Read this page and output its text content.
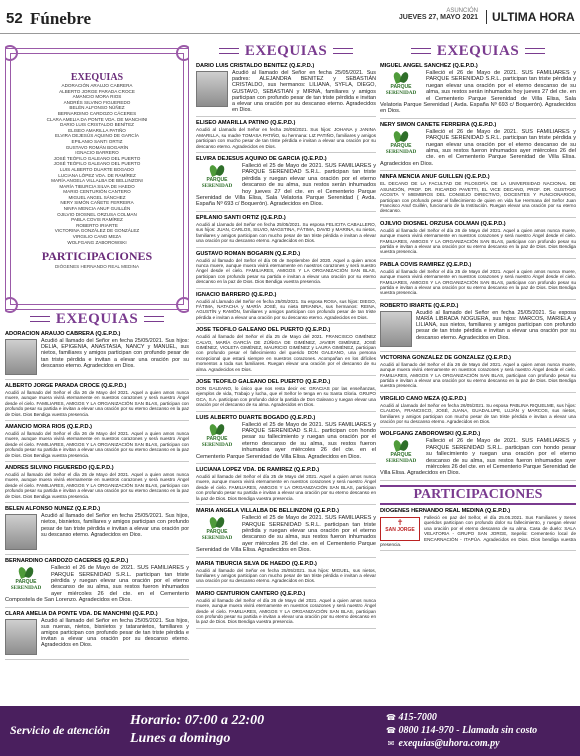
52 Fúnebre	ASUNCIÓN
JUEVES 27, MAYO 2021	ULTIMA HORA
EXEQUIAS
ADORACIÓN ARAUJO CABRERA
ALBERTO JORGE PARADA CROCE
AMANCIO MORA RIOS
ANDRÉS SILVINO FIGUEREDO
BELÉN ALFONSO NÚÑEZ
BERNARDINO CARDOZO CÁCERES
CLARA AMELIA DA PONTE VDA. DE MANCHINI
DARIO LUIS CRISTALDO BENÍTEZ
ELISEO AMARILLA PATIÑO
ELVIRA DEJESÚS AQUINO DE GARCÍA
EPILANIO SANTI ORTIZ
GUSTAVO ROMÁN BOGARÍN
IGNACIO BARRERO
JOSÉ TEÓFILO GALEANO DEL PUERTO
JOSÉ TEÓFILO GALEANO DEL PUERTO
LUIS ALBERTO DUARTE BOGADO
LUCIANA LÓPEZ VDA. DE RAMÍREZ
MARÍA ANGELA VILLALBA DE BELLINZONI
MARÍA TIBURCIA SILVA DE HAEDO
MARIO CENTURIÓN CANTERO
MIGUEL ANGEL SÁNCHEZ
NERY SIMÓN CAÑETE FERREIRA
NINFA MENCIA ANUF GUILLÉN
OJILVIO DIOSNEL ORZUSA COLMAN
PABLA COVIS RAMÍREZ
ROBERTO IRIARTE
VICTORINA GONZÁLEZ DE GONZÁLEZ
VIRGILIO CANO MEZA
WOLFGANG ZABOROWSKI
PARTICIPACIONES
DIÓGENES HERNANDO REAL MEDINA
EXEQUIAS
ADORACIÓN ARAUJO CABRERA (Q.E.P.D.)
Acudió al llamado del Señor en fecha 25/05/2021. Sus hijos: DELIA, EPIGENIA, ANASTASIA, NANCY y MANUEL, sus nietos, familiares y amigos participan con profundo pesar de tan triste pérdida e invitan a elevar una oración por su descanso eterno. Agradecidos en Dios.
ALBERTO JORGE PARADA CROCE (Q.E.P.D.)
Acudió al llamado del Señor el día 26 de Mayo del 2021. Aquel a quien amos nunca muere, aunque muera vivirá eternamente en nuestros corazones y será nuestro Ángel desde el cielo. FAMILIARES, AMIGOS Y LA ORGANIZACIÓN SAN BLAS, participan con profundo pesar su partida e invitan a elevar una oración por su eterno descanso en la paz de Dios. Dios Bendiga vuestra presencia.
AMANCIO MORA RIOS (Q.E.P.D.)
Acudió al llamado del Señor el día 26 de Mayo del 2021. Aquel a quien amos nunca muere, aunque muera vivirá eternamente en nuestros corazones y será nuestro Ángel desde el cielo. FAMILIARES, AMIGOS Y LA ORGANIZACIÓN SAN BLAS, participan con profundo pesar su partida e invitan a elevar una oración por su eterno descanso en la paz de Dios. Dios Bendiga vuestra presencia.
ANDRÉS SILVINO FIGUEREDO (Q.E.P.D.)
Acudió al llamado del Señor el día 25 de Mayo del 2021. Aquel a quien amos nunca muere, aunque muera vivirá eternamente en nuestros corazones y será nuestro Ángel desde el cielo. FAMILIARES, AMIGOS Y LA ORGANIZACIÓN SAN BLAS, participan con profundo pesar su partida e invitan a elevar una oración por su eterno descanso en la paz de Dios. Dios Bendiga vuestra presencia.
BELÉN ALFONSO NÚÑEZ (Q.E.P.D.)
Acudió al llamado del Señor en fecha 25/05/2021. Sus hijos, nietos, bisnietos, familiares y amigos participan con profundo pesar de tan triste pérdida e invitan a elevar una oración por su descanso eterno. Agradecidos en Dios.
BERNARDINO CARDOZO CÁCERES (Q.E.P.D.)
PARQUE
SERENIDAD
Falleció el 26 de Mayo de 2021. SUS FAMILIARES y PARQUE SERENIDAD S.R.L. participan tan triste pérdida y ruegan elevar una oración por el eterno descanso de su alma, sus restos fueron inhumados ayer miércoles 26 del cte. en el Cementerio Compostela de San Lorenzo. Agradecidos en Dios.
CLARA AMELIA DA PONTE VDA. DE MANCHINI (Q.E.P.D.)
Acudió al llamado del Señor en fecha 25/05/2021. Sus hijos, sus nueras, nietos, bisnietos y tataranietos, familiares y amigos participan con profundo pesar de tan triste pérdida e invitan a elevar una oración por su descanso eterno. Agradecidos en Dios.
EXEQUIAS
DARIO LUIS CRISTALDO BENITEZ (Q.E.P.D.)
Acudió al llamado del Señor en fecha 25/05/2021. Sus padres: ALEJANDRA BENITEZ y SEBASTIÁN CRISTALDO, sus hermanos: LILIANA, SYFLA, DIEGO, GUSTAVO, SEBASTIAN y MIRNA, familiares y amigos participan con profundo pesar de tan triste pérdida e invitan a elevar una oración por su descanso eterno. Agradecidos en Dios.
ELISEO AMARILLA PATIÑO (Q.E.P.D.)
Acudió al Llamado del Señor en fecha 26/05/2021. Sus hijos: JOHANA y JANINA AMARILLA, su madre TOMASA PATIÑO, su hermana: LIZ PATIÑO, familiares y amigos participan con mucho pesar de tan triste pérdida e invitan a elevar una oración por su descanso eterno. Agradecidos en Dios.
ELVIRA DEJESÚS AQUINO DE GARCÍA (Q.E.P.D.)
PARQUE
SERENIDAD
Falleció el 25 de Mayo de 2021. SUS FAMILIARES y PARQUE SERENIDAD S.R.L. participan tan triste pérdida y ruegan elevar una oración por el eterno descanso de su alma, sus restos serán inhumados hoy jueves 27 del cte. en el Cementerio Parque Serenidad de Villa Elisa, Sala Velatoria Parque Serenidad ( Avda. España Nº 693 c/ Boquerón). Agradecidos en Dios.
EPILANIO SANTI ORTIZ (Q.E.P.D.)
Acudió al Llamado del Señor en fecha 25/05/2021. Su esposa FELICITA CABALLERO, sus hijos: JUAN, CARLOS, SILVIO, MAGSTINA, FÁTIMA, DAVID y MARINA, su nietos, familiares y amigos participan con mucho pesar de tan triste pérdida e invitan a elevar una oración por su descanso eterno. Agradecidos en Dios.
GUSTAVO ROMÁN BOGARÍN (Q.E.P.D.)
Acudió al llamado del Señor el día 06 de Septiembre del 2020. Aquel a quien amos nunca muere, aunque muera vivirá eternamente en nuestros corazones y será nuestro Ángel desde el cielo. FAMILIARES, AMIGOS Y LA ORGANIZACIÓN SAN BLAS, participan con profundo pesar su partida e invitan a elevar una oración por su eterno descanso en la paz de Dios. Dios Bendiga vuestra presencia.
IGNACIO BARRERO (Q.E.P.D.)
Acudió al Llamado del Señor en fecha 25/05/2021. Su esposa ROSA, sus hijos: DIEGO, FÁTIMA, NATACHA y MARÍA JOSÉ, su nieta BRIANNA, sus hermanos: REINA, AGUSTÍN y RAMÓN, familiares y amigos participan con profundo pesar de tan triste pérdida e invitan a elevar una oración por su descanso eterno. Agradecidos en Dios.
JOSÉ TEÓFILO GALEANO DEL PUERTO (Q.E.P.D.)
Acudió al llamado del Señor el día 25 de Mayo del 2021. FRANCISCO GIMÉNEZ CALVO, MARÍA GARCÍA DE ZÚÑIGA DE GIMÉNEZ, JAVIER GIMÉNEZ, JOSÉ GIMÉNEZ, VIOLETA GIMÉNEZ, MAURICIO GIMÉNEZ y LAURA GIMÉNEZ, participan con profundo pesar el fallecimiento del querido DON GALEANO, una persona excepcional que estará siempre en nuestros corazones. Acompañan en los difíciles momentos a toda sus familiares. Ruegan elevar una oración por el descanso de su alma. Agradecidos en Dios.
JOSÉ TEÓFILO GALEANO DEL PUERTO (Q.E.P.D.)
DON GALEANO, lo único que nos resta decir es: GRACIAS por las enseñanzas, ejemplos de vida, Trabajo y lucha, que el Señor le tenga en su Santa Gloria. GRUPO GCA, S.A. participan con profundo dolor la partida de Don Galeano y ruegan elevar una oración por el descanso de su alma. Agradecidos en Dios.
LUIS ALBERTO DUARTE BOGADO (Q.E.P.D.)
PARQUE
SERENIDAD
Falleció el 25 de Mayo de 2021. SUS FAMILIARES y PARQUE SERENIDAD S.R.L. participan con hondo pesar su fallecimiento y ruegan una oración por el eterno descanso de su alma, sus restos fueron inhumados ayer miércoles 26 del cte. en el Cementerio Parque Serenidad de Villa Elisa. Agradecidos en Dios.
LUCIANA LÓPEZ VDA. DE RAMÍREZ (Q.E.P.D.)
Acudió al llamado del Señor el día 25 de Mayo del 2021. Aquel a quien amos nunca muere, aunque muera vivirá eternamente en nuestros corazones y será nuestro Ángel desde el cielo. FAMILIARES, AMIGOS Y LA ORGANIZACIÓN SAN BLAS, participan con profundo pesar su partida e invitan a elevar una oración por su eterno descanso en la paz de Dios. Dios Bendiga vuestra presencia.
MARÍA ANGELA VILLALBA DE BELLINZONI (Q.E.P.D.)
PARQUE
SERENIDAD
Falleció el 25 de Mayo de 2021. SUS FAMILIARES y PARQUE SERENIDAD S.R.L. participan tan triste pérdida y ruegan elevar una oración por el eterno descanso de su alma, sus restos fueron inhumados ayer miércoles 26 del cte. en el Cementerio Parque Serenidad de Villa Elisa. Agradecidos en Dios.
MARÍA TIBURCIA SILVA DE HAEDO (Q.E.P.D.)
Acudió al llamado del Señor en fecha 25/05/2021. Sus hijos: MIGUEL, sus nietos, familiares y amigos participan con mucho pesar de tan triste pérdida e invitan a elevar una oración por su descanso eterno. Agradecidos en Dios.
MARIO CENTURIÓN CANTERO (Q.E.P.D.)
Acudió al llamado del Señor el día 26 de Mayo del 2021. Aquel a quien amos nunca muere, aunque muera vivirá eternamente en nuestros corazones y será nuestro Ángel desde el cielo. FAMILIARES, AMIGOS Y LA ORGANIZACIÓN SAN BLAS, participan con profundo pesar su partida e invitan a elevar una oración por su eterno descanso en la paz de Dios. Dios Bendiga vuestra presencia.
EXEQUIAS
MIGUEL ANGEL SÁNCHEZ (Q.E.P.D.)
PARQUE
SERENIDAD
Falleció el 26 de Mayo de 2021. SUS FAMILIARES y PARQUE SERENIDAD S.R.L. participan tan triste pérdida y ruegan elevar una oración por el eterno descanso de su alma, sus restos serán inhumados hoy jueves 27 del cte. en el Cementerio Parque Serenidad de Villa Elisa, Sala Velatoria Parque Serenidad ( Avda. España Nº 693 c/ Boquerón). Agradecidos en Dios.
NERY SIMÓN CAÑETE FERREIRA (Q.E.P.D.)
PARQUE
SERENIDAD
Falleció el 26 de Mayo de 2021. SUS FAMILIARES y PARQUE SERENIDAD S.R.L. participan tan triste pérdida y ruegan elevar una oración por el eterno descanso de su alma, sus restos fueron inhumados ayer miércoles 26 del cte. en el Cementerio Parque Serenidad de Villa Elisa. Agradecidos en Dios.
NINFA MENCIA ANUF GUILLÉN (Q.E.P.D.)
EL DECANO DE LA FACULTAD DE FILOSOFÍA DE LA UNIVERSIDAD NACIONAL DE ASUNCIÓN, PROF. DR. RICARDO PAVETTI, EL VICE DECANO, PROF. DR. GUSTAVO ACOSTA Y MIEMBROS DEL CONSEJO DIRECTIVO, DOCENTES Y FUNCIONARIOS, participan con profundo pesar el fallecimiento de quien en vida fue Hermana del Señor Juan Francisco Anuf Guillén, funcionario de la Institución. Ruegan elevar una oración por su eterno descanso.
OJILVIO DIOSNEL ORZUSA COLMAN (Q.E.P.D.)
Acudió al llamado del Señor el día 26 de Mayo del 2021. Aquel a quien amos nunca muere, aunque muera vivirá eternamente en nuestros corazones y será nuestro Ángel desde el cielo. FAMILIARES, AMIGOS Y LA ORGANIZACIÓN SAN BLAS, participan con profundo pesar su partida e invitan a elevar una oración por su eterno descanso en la paz de Dios. Dios Bendiga vuestra presencia.
PABLA COVIS RAMÍREZ (Q.E.P.D.)
Acudió al llamado del Señor el día 25 de Mayo del 2021. Aquel a quien amos nunca muere, aunque muera vivirá eternamente en nuestros corazones y será nuestro Ángel desde el cielo. FAMILIARES, AMIGOS Y LA ORGANIZACIÓN SAN BLAS, participan con profundo pesar su partida e invitan a elevar una oración por su eterno descanso en la paz de Dios. Dios Bendiga vuestra presencia.
ROBERTO IRIARTE (Q.E.P.D.)
Acudió al llamado del Señor en fecha 25/05/2021. Su esposa MARÍA LIBRADA NOGUERA, sus hijos: MARCOS, MARIELA y LILIANA, sus nietos, familiares y amigos participan con profundo pesar de tan triste pérdida e invitan a elevar una oración por su descanso eterno. Agradecidos en Dios.
VICTORINA GONZÁLEZ DE GONZÁLEZ (Q.E.P.D.)
Acudió al llamado del Señor el día 26 de Mayo del 2021. Aquel a quien amos nunca muere, aunque muera vivirá eternamente en nuestros corazones y será nuestro Ángel desde el cielo. FAMILIARES, AMIGOS Y LA ORGANIZACIÓN SAN BLAS, participan con profundo pesar su partida e invitan a elevar una oración por su eterno descanso en la paz de Dios. Dios Bendiga vuestra presencia.
VIRGILIO CANO MEZA (Q.E.P.D.)
Acudió al Llamado del Señor en fecha 26/05/2021. Su esposa PABLINA RIQUELME, sus hijos: CLAUDIA, FRANCISCO, JOSÉ, JUANA, GUADALUPE, LUJÁN y MARCOS, sus nietos, familiares y amigos participan con mucho pesar de tan triste pérdida e invitan a elevar una oración por su descanso eterno. Agradecidos en Dios.
WOLFGANG ZABOROWSKI (Q.E.P.D.)
PARQUE
SERENIDAD
Falleció el 26 de Mayo de 2021. SUS FAMILIARES y PARQUE SERENIDAD S.R.L. participan con hondo pesar su fallecimiento y ruegan una oración por el eterno descanso de su alma, sus restos fueron inhumados ayer miércoles 26 del cte. en el Cementerio Parque Serenidad de Villa Elisa. Agradecidos en Dios.
PARTICIPACIONES
DIÓGENES HERNANDO REAL MEDINA (Q.E.P.D.)
✝
SAN JORGE
Falleció en paz del Señor, el día 25.05.2021. Sus Familiares y Seres queridos participan con profundo dolor su fallecimiento, y ruegan elevar una oración por el eterno descanso de su alma. Casa de duelo: SALA VELATORIA - GRUPO SAN JORGE, Sepelio: Cementerio local de ENCARNACIÓN - ITAPÚA. Agradecidos en Dios. Dios bendiga vuestra presencia.
Servicio de atención
Horario: 07:00 a 22:00
Lunes a domingo
☎ 415-7000
☎ 0800 114-970 - Llamada sin costo
✉ exequias@uhora.com.py
